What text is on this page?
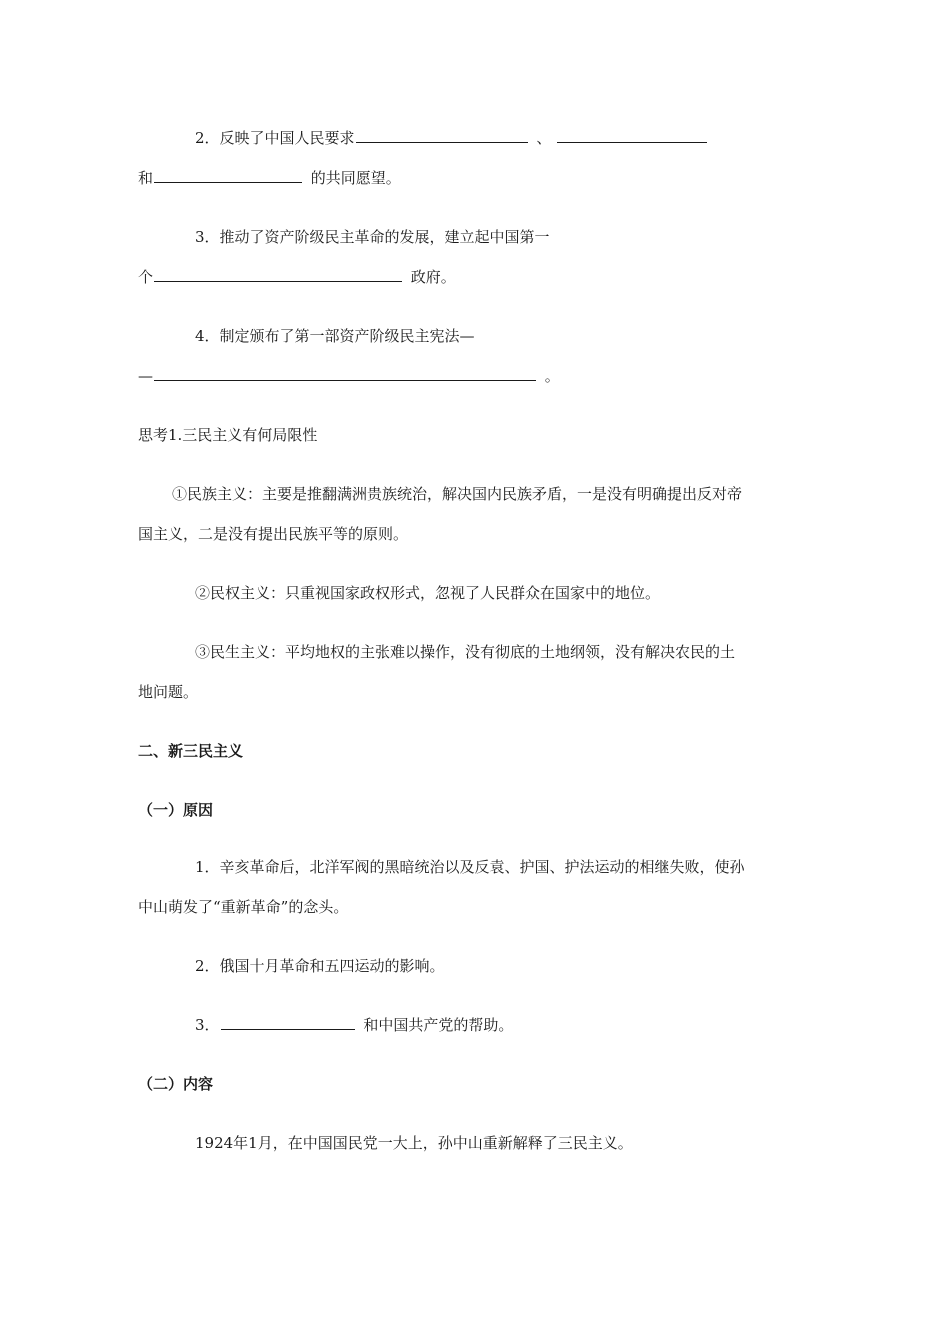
2．反映了中国人民要求	、
和	的共同愿望。
3．推动了资产阶级民主革命的发展，建立起中国第一
个	政府。
4．制定颁布了第一部资产阶级民主宪法—
—	。
思考1.三民主义有何局限性
①民族主义：主要是推翻满洲贵族统治，解决国内民族矛盾，一是没有明确提出反对帝
国主义，二是没有提出民族平等的原则。
②民权主义：只重视国家政权形式，忽视了人民群众在国家中的地位。
③民生主义：平均地权的主张难以操作，没有彻底的土地纲领，没有解决农民的土
地问题。
二、新三民主义
（一）原因
1．辛亥革命后，北洋军阀的黑暗统治以及反袁、护国、护法运动的相继失败，使孙
中山萌发了“重新革命”的念头。
2．俄国十月革命和五四运动的影响。
3．	和中国共产党的帮助。
（二）内容
1924年1月，在中国国民党一大上，孙中山重新解释了三民主义。
